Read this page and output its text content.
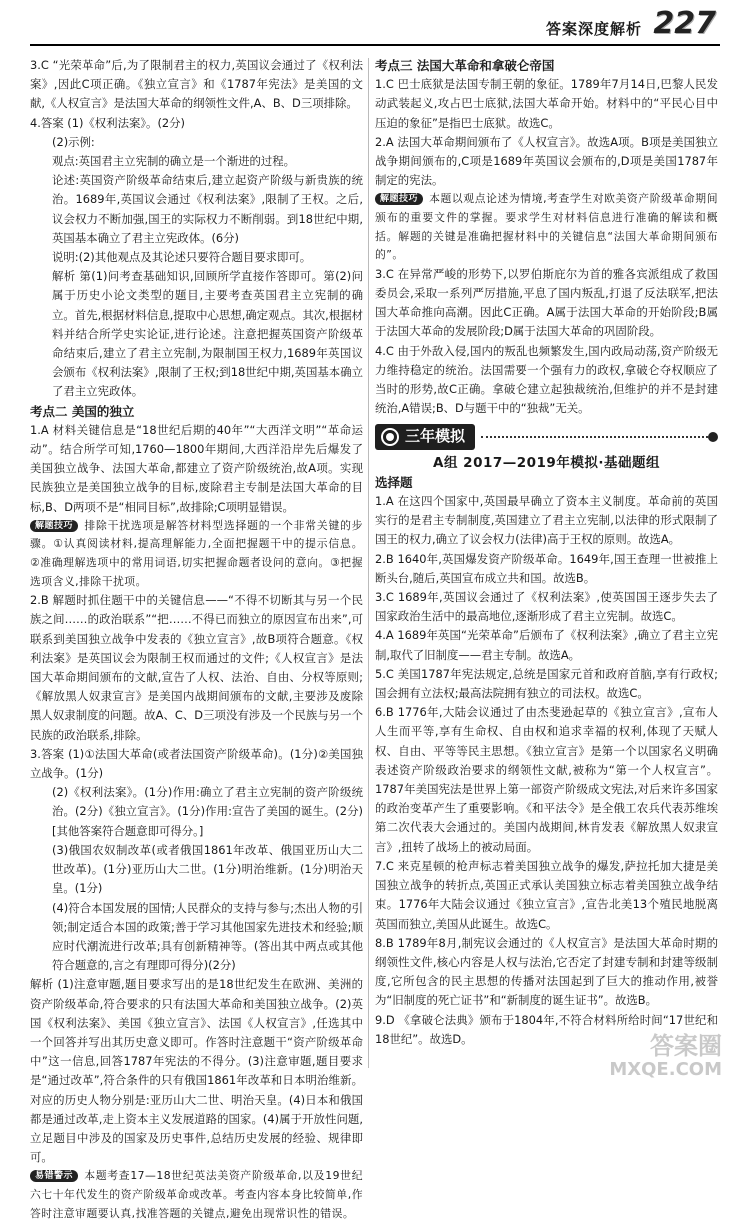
答案深度解析 227

3.C “光荣革命”后,为了限制君主的权力,英国议会通过了《权利法案》,因此C项正确。《独立宣言》和《1787年宪法》是美国的文献,《人权宣言》是法国大革命的纲领性文件,A、B、D三项排除。

4.答案 (1)《权利法案》。(2分)

(2)示例:

观点:英国君主立宪制的确立是一个渐进的过程。

论述:英国资产阶级革命结束后,建立起资产阶级与新贵族的统治。1689年,英国议会通过《权利法案》,限制了王权。之后,议会权力不断加强,国王的实际权力不断削弱。到18世纪中期,英国基本确立了君主立宪政体。(6分)

说明:(2)其他观点及其论述只要符合题目要求即可。

解析 第(1)问考查基础知识,回顾所学直接作答即可。第(2)问属于历史小论文类型的题目,主要考查英国君主立宪制的确立。首先,根据材料信息,提取中心思想,确定观点。其次,根据材料并结合所学史实论证,进行论述。注意把握英国资产阶级革命结束后,建立了君主立宪制,为限制国王权力,1689年英国议会颁布《权利法案》,限制了王权;到18世纪中期,英国基本确立了君主立宪政体。

考点二 美国的独立

1.A 材料关键信息是“18世纪后期的40年”“大西洋文明”“革命运动”。结合所学可知,1760—1800年期间,大西洋沿岸先后爆发了美国独立战争、法国大革命,都建立了资产阶级统治,故A项。实现民族独立是美国独立战争的目标,废除君主专制是法国大革命的目标,B、D两项不是“相同目标”,故排除;C项明显错误。

解题技巧 排除干扰选项是解答材料型选择题的一个非常关键的步骤。①认真阅读材料,提高理解能力,全面把握题干中的提示信息。②准确理解选项中的常用词语,切实把握命题者设问的意向。③把握选项含义,排除干扰项。

2.B 解题时抓住题干中的关键信息——“不得不切断其与另一个民族之间……的政治联系”“把……不得已而独立的原因宣布出来”,可联系到美国独立战争中发表的《独立宣言》,故B项符合题意。《权利法案》是英国议会为限制王权而通过的文件;《人权宣言》是法国大革命期间颁布的文献,宣告了人权、法治、自由、分权等原则;《解放黑人奴隶宣言》是美国内战期间颁布的文献,主要涉及废除黑人奴隶制度的问题。故A、C、D三项没有涉及一个民族与另一个民族的政治联系,排除。

3.答案 (1)①法国大革命(或者法国资产阶级革命)。(1分)②美国独立战争。(1分)

(2)《权利法案》。(1分)作用:确立了君主立宪制的资产阶级统治。(2分)《独立宣言》。(1分)作用:宣告了美国的诞生。(2分)[其他答案符合题意即可得分。]

(3)俄国农奴制改革(或者俄国1861年改革、俄国亚历山大二世改革)。(1分)亚历山大二世。(1分)明治维新。(1分)明治天皇。(1分)

(4)符合本国发展的国情;人民群众的支持与参与;杰出人物的引领;制定适合本国的政策;善于学习其他国家先进技术和经验;顺应时代潮流进行改革;具有创新精神等。(答出其中两点或其他符合题意的,言之有理即可得分)(2分)

解析 (1)注意审题,题目要求写出的是18世纪发生在欧洲、美洲的资产阶级革命,符合要求的只有法国大革命和美国独立战争。(2)英国《权利法案》、美国《独立宣言》、法国《人权宣言》,任选其中一个回答并写出其历史意义即可。作答时注意题干“资产阶级革命中”这一信息,回答1787年宪法的不得分。(3)注意审题,题目要求是“通过改革”,符合条件的只有俄国1861年改革和日本明治维新。对应的历史人物分别是:亚历山大二世、明治天皇。(4)日本和俄国都是通过改革,走上资本主义发展道路的国家。(4)属于开放性问题,立足题目中涉及的国家及历史事件,总结历史发展的经验、规律即可。

易错警示 本题考查17—18世纪英法美资产阶级革命,以及19世纪六七十年代发生的资产阶级革命或改革。考查内容本身比较简单,作答时注意审题要认真,找准答题的关键点,避免出现常识性的错误。

考点三 法国大革命和拿破仑帝国

1.C 巴士底狱是法国专制王朝的象征。1789年7月14日,巴黎人民发动武装起义,攻占巴士底狱,法国大革命开始。材料中的“平民心目中压迫的象征”是指巴士底狱。故选C。

2.A 法国大革命期间颁布了《人权宣言》。故选A项。B项是美国独立战争期间颁布的,C项是1689年英国议会颁布的,D项是美国1787年制定的宪法。

解题技巧 本题以观点论述为情境,考查学生对欧美资产阶级革命期间颁布的重要文件的掌握。要求学生对材料信息进行准确的解读和概括。解题的关键是准确把握材料中的关键信息“法国大革命期间颁布的”。

3.C 在异常严峻的形势下,以罗伯斯庇尔为首的雅各宾派组成了救国委员会,采取一系列严厉措施,平息了国内叛乱,打退了反法联军,把法国大革命推向高潮。因此C正确。A属于法国大革命的开始阶段;B属于法国大革命的发展阶段;D属于法国大革命的巩固阶段。

4.C 由于外敌入侵,国内的叛乱也频繁发生,国内政局动荡,资产阶级无力维持稳定的统治。法国需要一个强有力的政权,拿破仑夺权顺应了当时的形势,故C正确。拿破仑建立起独裁统治,但维护的并不是封建统治,A错误;B、D与题干中的“独裁”无关。

三年模拟

A组 2017—2019年模拟·基础题组

选择题

1.A 在这四个国家中,英国最早确立了资本主义制度。革命前的英国实行的是君主专制制度,英国建立了君主立宪制,以法律的形式限制了国王的权力,确立了议会权力(法律)高于王权的原则。故选A。

2.B 1640年,英国爆发资产阶级革命。1649年,国王查理一世被推上断头台,随后,英国宣布成立共和国。故选B。

3.C 1689年,英国议会通过了《权利法案》,使英国国王逐步失去了国家政治生活中的最高地位,逐渐形成了君主立宪制。故选C。

4.A 1689年英国“光荣革命”后颁布了《权利法案》,确立了君主立宪制,取代了旧制度——君主专制。故选A。

5.C 美国1787年宪法规定,总统是国家元首和政府首脑,享有行政权;国会拥有立法权;最高法院拥有独立的司法权。故选C。

6.B 1776年,大陆会议通过了由杰斐逊起草的《独立宣言》,宣布人人生而平等,享有生命权、自由权和追求幸福的权利,体现了天赋人权、自由、平等等民主思想。《独立宣言》是第一个以国家名义明确表述资产阶级政治要求的纲领性文献,被称为“第一个人权宣言”。1787年美国宪法是世界上第一部资产阶级成文宪法,对后来许多国家的政治变革产生了重要影响。《和平法令》是全俄工农兵代表苏维埃第二次代表大会通过的。美国内战期间,林肯发表《解放黑人奴隶宣言》,扭转了战场上的被动局面。

7.C 来克星顿的枪声标志着美国独立战争的爆发,萨拉托加大捷是美国独立战争的转折点,英国正式承认美国独立标志着美国独立战争结束。1776年大陆会议通过《独立宣言》,宣告北美13个殖民地脱离英国而独立,美国从此诞生。故选C。

8.B 1789年8月,制宪议会通过的《人权宣言》是法国大革命时期的纲领性文件,核心内容是人权与法治,它否定了封建专制和封建等级制度,它所包含的民主思想的传播对法国起到了巨大的推动作用,被誉为“旧制度的死亡证书”和“新制度的诞生证书”。故选B。

9.D 《拿破仑法典》颁布于1804年,不符合材料所给时间“17世纪和18世纪”。故选D。	答案圈
MXQE.COM
